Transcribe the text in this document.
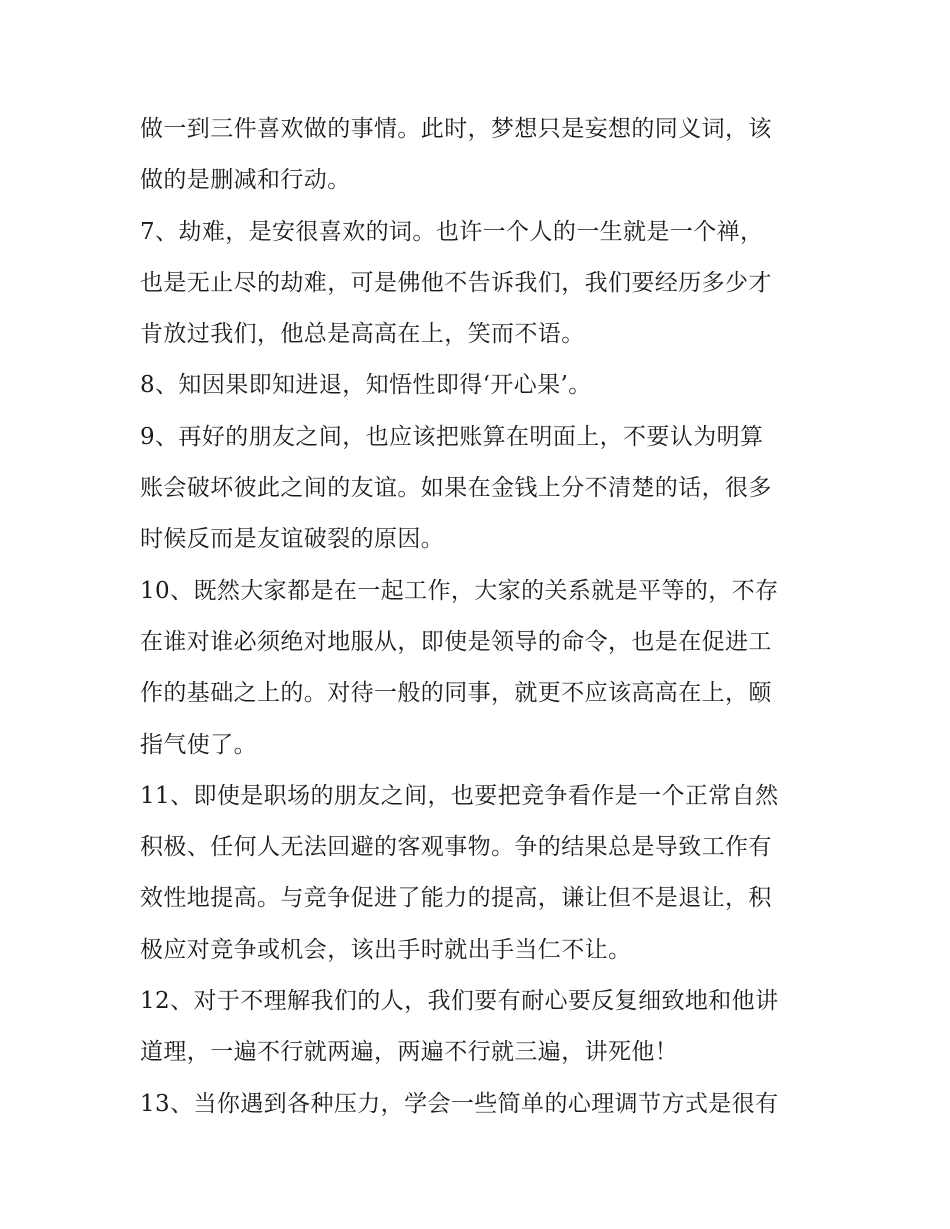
做一到三件喜欢做的事情。此时，梦想只是妄想的同义词，该
做的是删减和行动。
7、劫难，是安很喜欢的词。也许一个人的一生就是一个禅，
也是无止尽的劫难，可是佛他不告诉我们，我们要经历多少才
肯放过我们，他总是高高在上，笑而不语。
8、知因果即知进退，知悟性即得‘开心果’。
9、再好的朋友之间，也应该把账算在明面上，不要认为明算
账会破坏彼此之间的友谊。如果在金钱上分不清楚的话，很多
时候反而是友谊破裂的原因。
10、既然大家都是在一起工作，大家的关系就是平等的，不存
在谁对谁必须绝对地服从，即使是领导的命令，也是在促进工
作的基础之上的。对待一般的同事，就更不应该高高在上，颐
指气使了。
11、即使是职场的朋友之间，也要把竞争看作是一个正常自然
积极、任何人无法回避的客观事物。争的结果总是导致工作有
效性地提高。与竞争促进了能力的提高，谦让但不是退让，积
极应对竞争或机会，该出手时就出手当仁不让。
12、对于不理解我们的人，我们要有耐心要反复细致地和他讲
道理，一遍不行就两遍，两遍不行就三遍，讲死他！
13、当你遇到各种压力，学会一些简单的心理调节方式是很有
